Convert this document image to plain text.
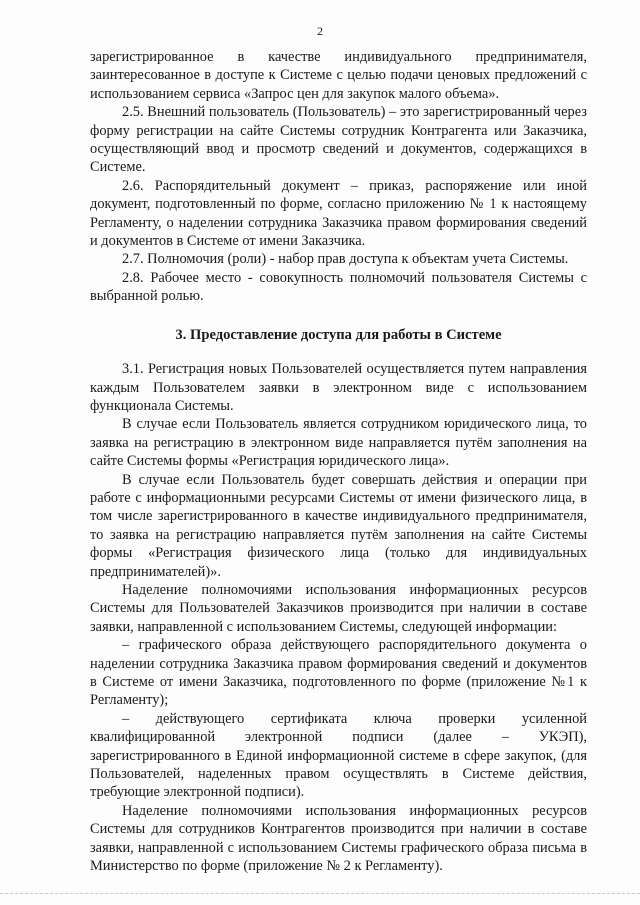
2

зарегистрированное в качестве индивидуального предпринимателя, заинтересованное в доступе к Системе с целью подачи ценовых предложений с использованием сервиса «Запрос цен для закупок малого объема».

2.5. Внешний пользователь (Пользователь) – это зарегистрированный через форму регистрации на сайте Системы сотрудник Контрагента или Заказчика, осуществляющий ввод и просмотр сведений и документов, содержащихся в Системе.

2.6. Распорядительный документ – приказ, распоряжение или иной документ, подготовленный по форме, согласно приложению № 1 к настоящему Регламенту, о наделении сотрудника Заказчика правом формирования сведений и документов в Системе от имени Заказчика.

2.7. Полномочия (роли) - набор прав доступа к объектам учета Системы.

2.8. Рабочее место - совокупность полномочий пользователя Системы с выбранной ролью.

3. Предоставление доступа для работы в Системе

3.1. Регистрация новых Пользователей осуществляется путем направления каждым Пользователем заявки в электронном виде с использованием функционала Системы.

В случае если Пользователь является сотрудником юридического лица, то заявка на регистрацию в электронном виде направляется путём заполнения на сайте Системы формы «Регистрация юридического лица».

В случае если Пользователь будет совершать действия и операции при работе с информационными ресурсами Системы от имени физического лица, в том числе зарегистрированного в качестве индивидуального предпринимателя, то заявка на регистрацию направляется путём заполнения на сайте Системы формы «Регистрация физического лица (только для индивидуальных предпринимателей)».

Наделение полномочиями использования информационных ресурсов Системы для Пользователей Заказчиков производится при наличии в составе заявки, направленной с использованием Системы, следующей информации:

– графического образа действующего распорядительного документа о наделении сотрудника Заказчика правом формирования сведений и документов в Системе от имени Заказчика, подготовленного по форме (приложение №1 к Регламенту);

– действующего сертификата ключа проверки усиленной квалифицированной электронной подписи (далее – УКЭП), зарегистрированного в Единой информационной системе в сфере закупок, (для Пользователей, наделенных правом осуществлять в Системе действия, требующие электронной подписи).

Наделение полномочиями использования информационных ресурсов Системы для сотрудников Контрагентов производится при наличии в составе заявки, направленной с использованием Системы графического образа письма в Министерство по форме (приложение № 2 к Регламенту).
